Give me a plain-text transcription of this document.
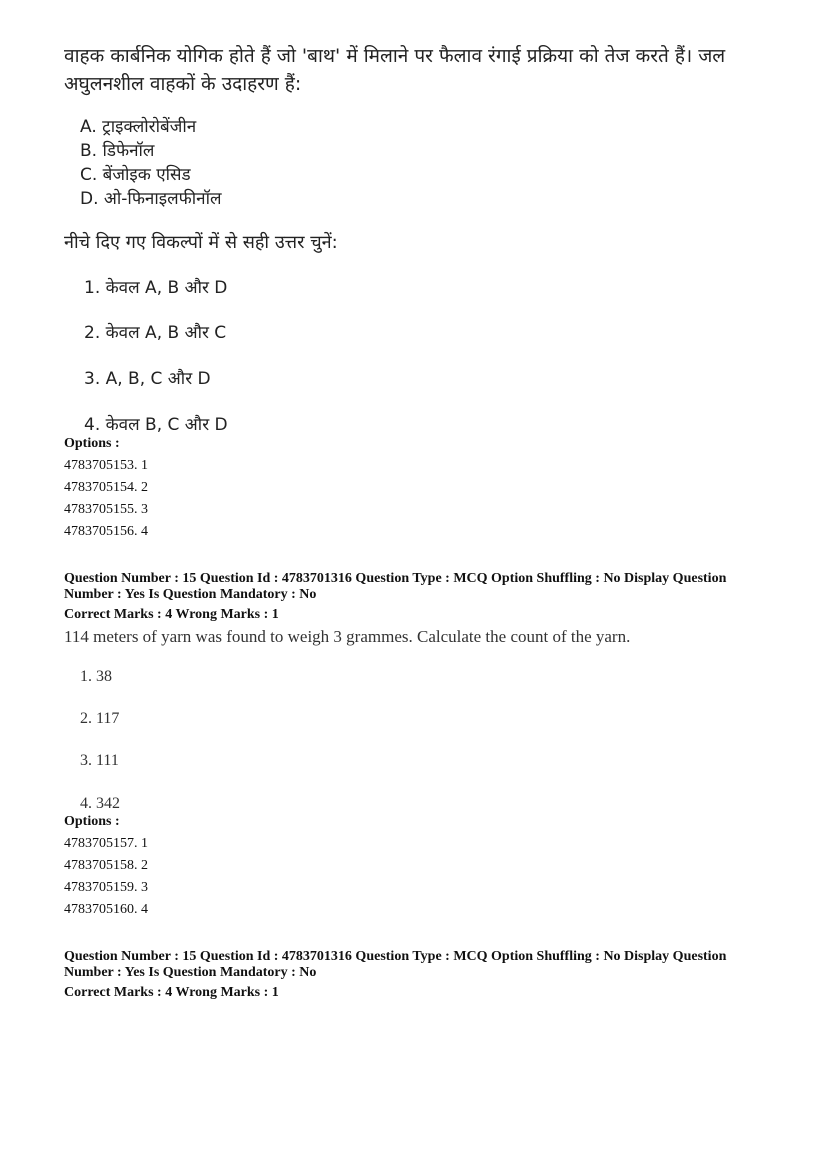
वाहक कार्बनिक योगिक होते हैं जो 'बाथ' में मिलाने पर फैलाव रंगाई प्रक्रिया को तेज करते हैं। जल
अघुलनशील वाहकों के उदाहरण हैं:
A. ट्राइक्लोरोबेंजीन
B. डिफेनॉल
C. बेंजोइक एसिड
D. ओ-फिनाइलफीनॉल
नीचे दिए गए विकल्पों में से सही उत्तर चुनें:
1. केवल A, B और D
2. केवल A, B और C
3. A, B, C और D
4. केवल B, C और D
Options :
4783705153. 1
4783705154. 2
4783705155. 3
4783705156. 4
Question Number : 15 Question Id : 4783701316 Question Type : MCQ Option Shuffling : No Display Question
Number : Yes Is Question Mandatory : No
Correct Marks : 4 Wrong Marks : 1
114 meters of yarn was found to weigh 3 grammes. Calculate the count of the yarn.
1. 38
2. 117
3. 111
4. 342
Options :
4783705157. 1
4783705158. 2
4783705159. 3
4783705160. 4
Question Number : 15 Question Id : 4783701316 Question Type : MCQ Option Shuffling : No Display Question
Number : Yes Is Question Mandatory : No
Correct Marks : 4 Wrong Marks : 1
